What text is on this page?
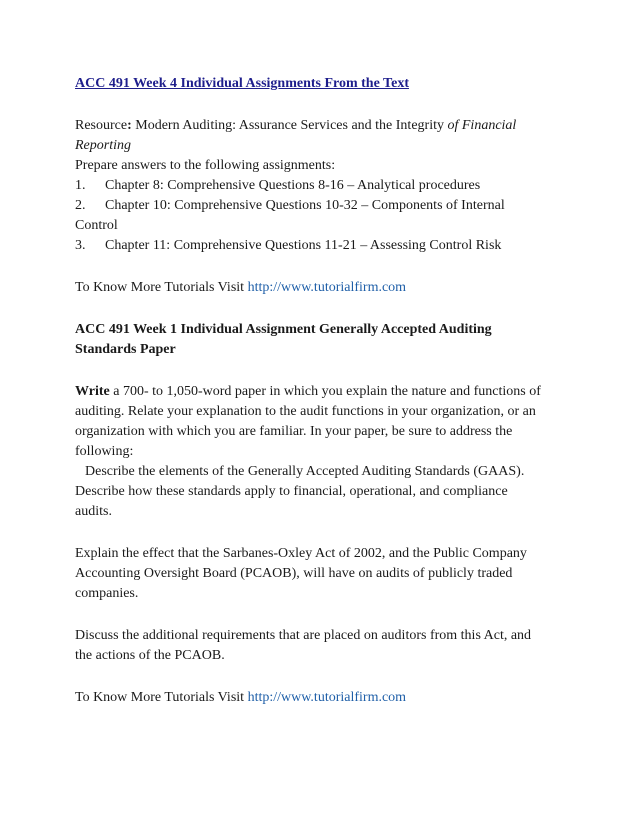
ACC 491 Week 4 Individual Assignments From the Text
Resource: Modern Auditing: Assurance Services and the Integrity of Financial
Reporting
Prepare answers to the following assignments:
1. Chapter 8: Comprehensive Questions 8-16 – Analytical procedures
2. Chapter 10: Comprehensive Questions 10-32 – Components of Internal
Control
3. Chapter 11: Comprehensive Questions 11-21 – Assessing Control Risk
To Know More Tutorials Visit http://www.tutorialfirm.com
ACC 491 Week 1 Individual Assignment Generally Accepted Auditing
Standards Paper
Write a 700- to 1,050-word paper in which you explain the nature and functions of
auditing. Relate your explanation to the audit functions in your organization, or an
organization with which you are familiar. In your paper, be sure to address the
following:
Describe the elements of the Generally Accepted Auditing Standards (GAAS).
Describe how these standards apply to financial, operational, and compliance
audits.
Explain the effect that the Sarbanes-Oxley Act of 2002, and the Public Company
Accounting Oversight Board (PCAOB), will have on audits of publicly traded
companies.
Discuss the additional requirements that are placed on auditors from this Act, and
the actions of the PCAOB.
To Know More Tutorials Visit http://www.tutorialfirm.com
